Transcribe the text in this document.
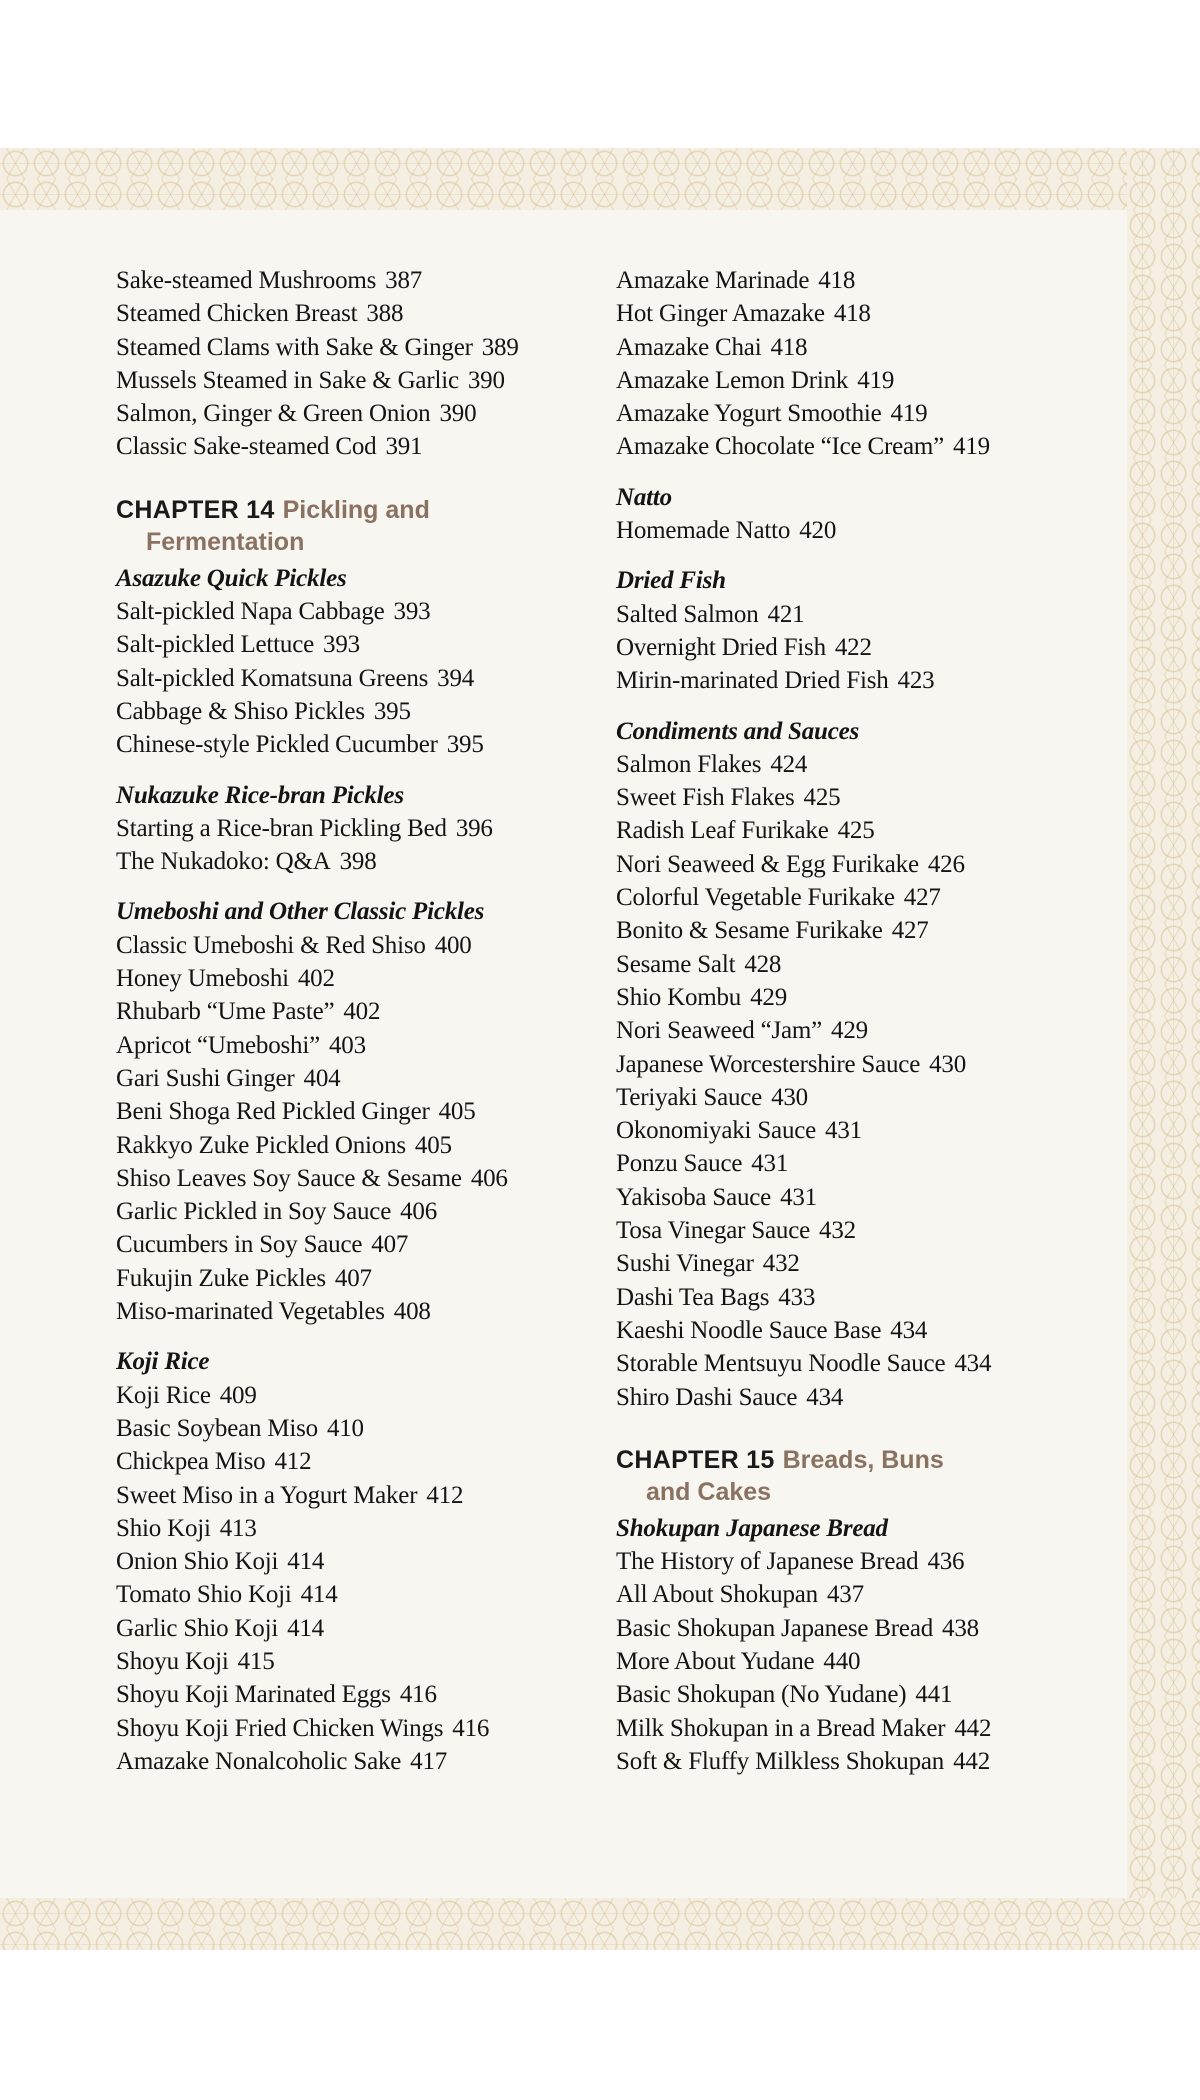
Sake-steamed Mushrooms 387
Steamed Chicken Breast 388
Steamed Clams with Sake & Ginger 389
Mussels Steamed in Sake & Garlic 390
Salmon, Ginger & Green Onion 390
Classic Sake-steamed Cod 391
CHAPTER 14 Pickling and
Fermentation
Asazuke Quick Pickles
Salt-pickled Napa Cabbage 393
Salt-pickled Lettuce 393
Salt-pickled Komatsuna Greens 394
Cabbage & Shiso Pickles 395
Chinese-style Pickled Cucumber 395
Nukazuke Rice-bran Pickles
Starting a Rice-bran Pickling Bed 396
The Nukadoko: Q&A 398
Umeboshi and Other Classic Pickles
Classic Umeboshi & Red Shiso 400
Honey Umeboshi 402
Rhubarb “Ume Paste” 402
Apricot “Umeboshi” 403
Gari Sushi Ginger 404
Beni Shoga Red Pickled Ginger 405
Rakkyo Zuke Pickled Onions 405
Shiso Leaves Soy Sauce & Sesame 406
Garlic Pickled in Soy Sauce 406
Cucumbers in Soy Sauce 407
Fukujin Zuke Pickles 407
Miso-marinated Vegetables 408
Koji Rice
Koji Rice 409
Basic Soybean Miso 410
Chickpea Miso 412
Sweet Miso in a Yogurt Maker 412
Shio Koji 413
Onion Shio Koji 414
Tomato Shio Koji 414
Garlic Shio Koji 414
Shoyu Koji 415
Shoyu Koji Marinated Eggs 416
Shoyu Koji Fried Chicken Wings 416
Amazake Nonalcoholic Sake 417
Amazake Marinade 418
Hot Ginger Amazake 418
Amazake Chai 418
Amazake Lemon Drink 419
Amazake Yogurt Smoothie 419
Amazake Chocolate “Ice Cream” 419
Natto
Homemade Natto 420
Dried Fish
Salted Salmon 421
Overnight Dried Fish 422
Mirin-marinated Dried Fish 423
Condiments and Sauces
Salmon Flakes 424
Sweet Fish Flakes 425
Radish Leaf Furikake 425
Nori Seaweed & Egg Furikake 426
Colorful Vegetable Furikake 427
Bonito & Sesame Furikake 427
Sesame Salt 428
Shio Kombu 429
Nori Seaweed “Jam” 429
Japanese Worcestershire Sauce 430
Teriyaki Sauce 430
Okonomiyaki Sauce 431
Ponzu Sauce 431
Yakisoba Sauce 431
Tosa Vinegar Sauce 432
Sushi Vinegar 432
Dashi Tea Bags 433
Kaeshi Noodle Sauce Base 434
Storable Mentsuyu Noodle Sauce 434
Shiro Dashi Sauce 434
CHAPTER 15 Breads, Buns
and Cakes
Shokupan Japanese Bread
The History of Japanese Bread 436
All About Shokupan 437
Basic Shokupan Japanese Bread 438
More About Yudane 440
Basic Shokupan (No Yudane) 441
Milk Shokupan in a Bread Maker 442
Soft & Fluffy Milkless Shokupan 442
